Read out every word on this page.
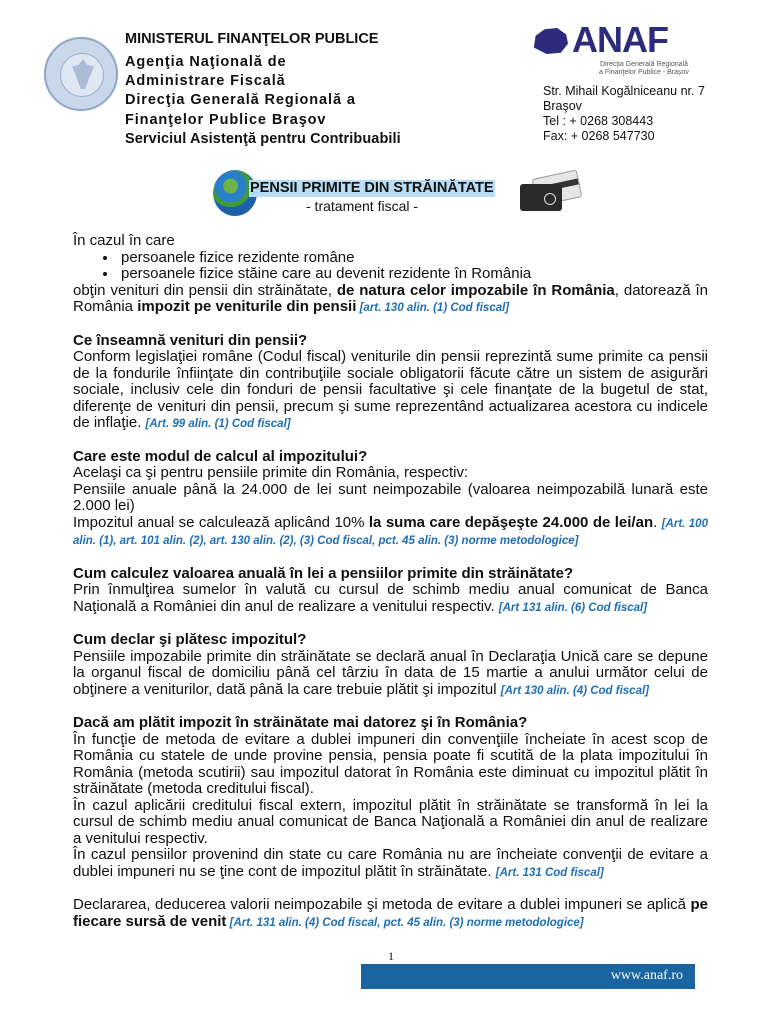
MINISTERUL FINANŢELOR PUBLICE
Agenţia Naţională de
Administrare Fiscală
Direcţia Generală Regională a
Finanţelor Publice Braşov
Serviciul Asistenţă pentru Contribuabili
ANAF
Direcţia Generală Regională
a Finanţelor Publice - Braşov
Str. Mihail Kogălniceanu nr. 7
Braşov
Tel : + 0268 308443
Fax: + 0268 547730
PENSII PRIMITE DIN STRĂINĂTATE
- tratament fiscal -

În cazul în care

• persoanele fizice rezidente române
• persoanele fizice stăine care au devenit rezidente în România

obţin venituri din pensii din străinătate, de natura celor impozabile în România, datorează în România impozit pe veniturile din pensii [art. 130 alin. (1) Cod fiscal]

Ce înseamnă venituri din pensii?

Conform legislaţiei române (Codul fiscal) veniturile din pensii reprezintă sume primite ca pensii de la fondurile înfiinţate din contribuţiile sociale obligatorii făcute către un sistem de asigurări sociale, inclusiv cele din fonduri de pensii facultative şi cele finanţate de la bugetul de stat, diferenţe de venituri din pensii, precum şi sume reprezentând actualizarea acestora cu indicele de inflaţie. [Art. 99 alin. (1) Cod fiscal]

Care este modul de calcul al impozitului?

Acelaşi ca şi pentru pensiile primite din România, respectiv:

Pensiile anuale până la 24.000 de lei sunt neimpozabile (valoarea neimpozabilă lunară este 2.000 lei)

Impozitul anual se calculează aplicând 10% la suma care depăşeşte 24.000 de lei/an. [Art. 100 alin. (1), art. 101 alin. (2), art. 130 alin. (2), (3) Cod fiscal, pct. 45 alin. (3) norme metodologice]

Cum calculez valoarea anuală în lei a pensiilor primite din străinătate?

Prin înmulţirea sumelor în valută cu cursul de schimb mediu anual comunicat de Banca Naţională a României din anul de realizare a venitului respectiv. [Art 131 alin. (6) Cod fiscal]

Cum declar şi plătesc impozitul?

Pensiile impozabile primite din străinătate se declară anual în Declaraţia Unică care se depune la organul fiscal de domiciliu până cel târziu în data de 15 martie a anului următor celui de obţinere a veniturilor, dată până la care trebuie plătit şi impozitul [Art 130 alin. (4) Cod fiscal]

Dacă am plătit impozit în străinătate mai datorez şi în România?

În funcţie de metoda de evitare a dublei impuneri din convenţiile încheiate în acest scop de România cu statele de unde provine pensia, pensia poate fi scutită de la plata impozitului în România (metoda scutirii) sau impozitul datorat în România este diminuat cu impozitul plătit în străinătate (metoda creditului fiscal).

În cazul aplicării creditului fiscal extern, impozitul plătit în străinătate se transformă în lei la cursul de schimb mediu anual comunicat de Banca Naţională a României din anul de realizare a venitului respectiv.

În cazul pensiilor provenind din state cu care România nu are încheiate convenţii de evitare a dublei impuneri nu se ţine cont de impozitul plătit în străinătate. [Art. 131 Cod fiscal]

Declararea, deducerea valorii neimpozabile şi metoda de evitare a dublei impuneri se aplică pe fiecare sursă de venit [Art. 131 alin. (4) Cod fiscal, pct. 45 alin. (3) norme metodologice]

1
www.anaf.ro
